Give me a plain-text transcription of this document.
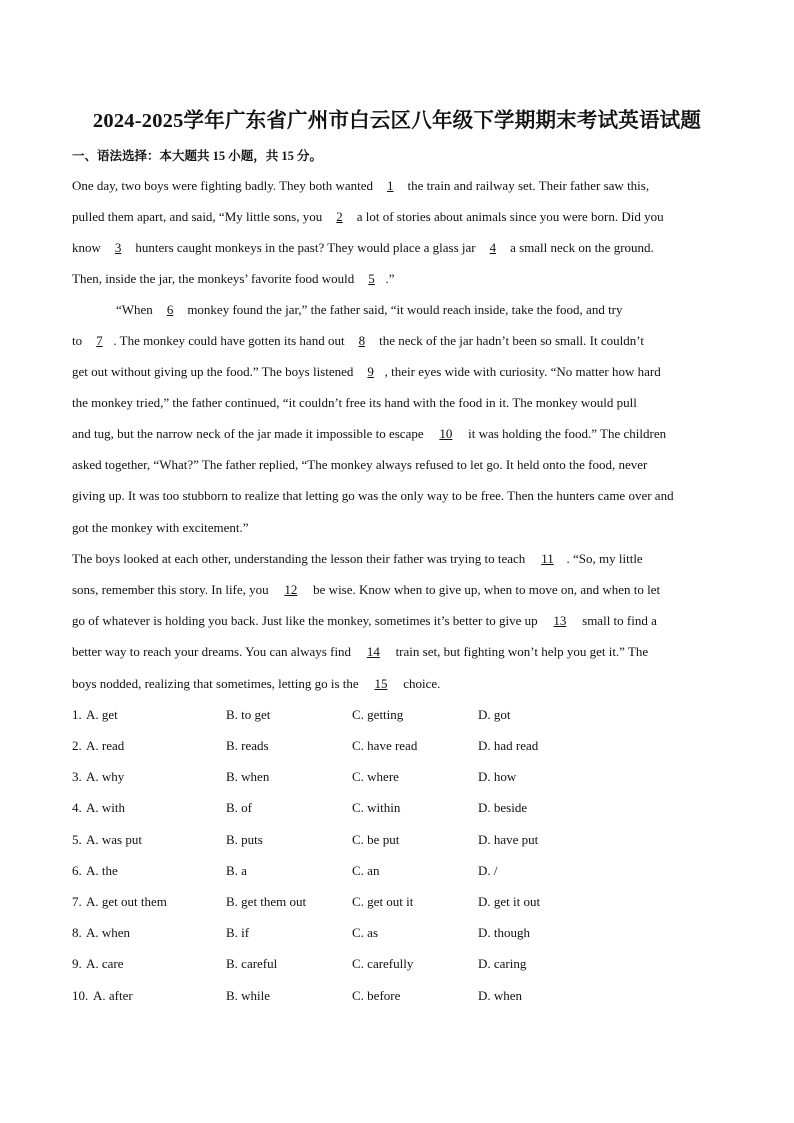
2024-2025学年广东省广州市白云区八年级下学期期末考试英语试题
一、语法选择：本大题共 15 小题，共 15 分。
One day, two boys were fighting badly. They both wanted 1 the train and railway set. Their father saw this,
pulled them apart, and said, “My little sons, you 2 a lot of stories about animals since you were born. Did you
know 3 hunters caught monkeys in the past? They would place a glass jar 4 a small neck on the ground.
Then, inside the jar, the monkeys’ favorite food would 5 .”
“When 6 monkey found the jar,” the father said, “it would reach inside, take the food, and try
to 7 . The monkey could have gotten its hand out 8 the neck of the jar hadn’t been so small. It couldn’t
get out without giving up the food.” The boys listened 9 , their eyes wide with curiosity. “No matter how hard
the monkey tried,” the father continued, “it couldn’t free its hand with the food in it. The monkey would pull
and tug, but the narrow neck of the jar made it impossible to escape 10 it was holding the food.” The children
asked together, “What?” The father replied, “The monkey always refused to let go. It held onto the food, never
giving up. It was too stubborn to realize that letting go was the only way to be free. Then the hunters came over and
got the monkey with excitement.”
The boys looked at each other, understanding the lesson their father was trying to teach 11 . “So, my little
sons, remember this story. In life, you 12 be wise. Know when to give up, when to move on, and when to let
go of whatever is holding you back. Just like the monkey, sometimes it’s better to give up 13 small to find a
better way to reach your dreams. You can always find 14 train set, but fighting won’t help you get it.” The
boys nodded, realizing that sometimes, letting go is the 15 choice.
1. A. get	B. to get	C. getting	D. got
2. A. read	B. reads	C. have read	D. had read
3. A. why	B. when	C. where	D. how
4. A. with	B. of	C. within	D. beside
5. A. was put	B. puts	C. be put	D. have put
6. A. the	B. a	C. an	D. /
7. A. get out them	B. get them out	C. get out it	D. get it out
8. A. when	B. if	C. as	D. though
9. A. care	B. careful	C. carefully	D. caring
10. A. after	B. while	C. before	D. when
